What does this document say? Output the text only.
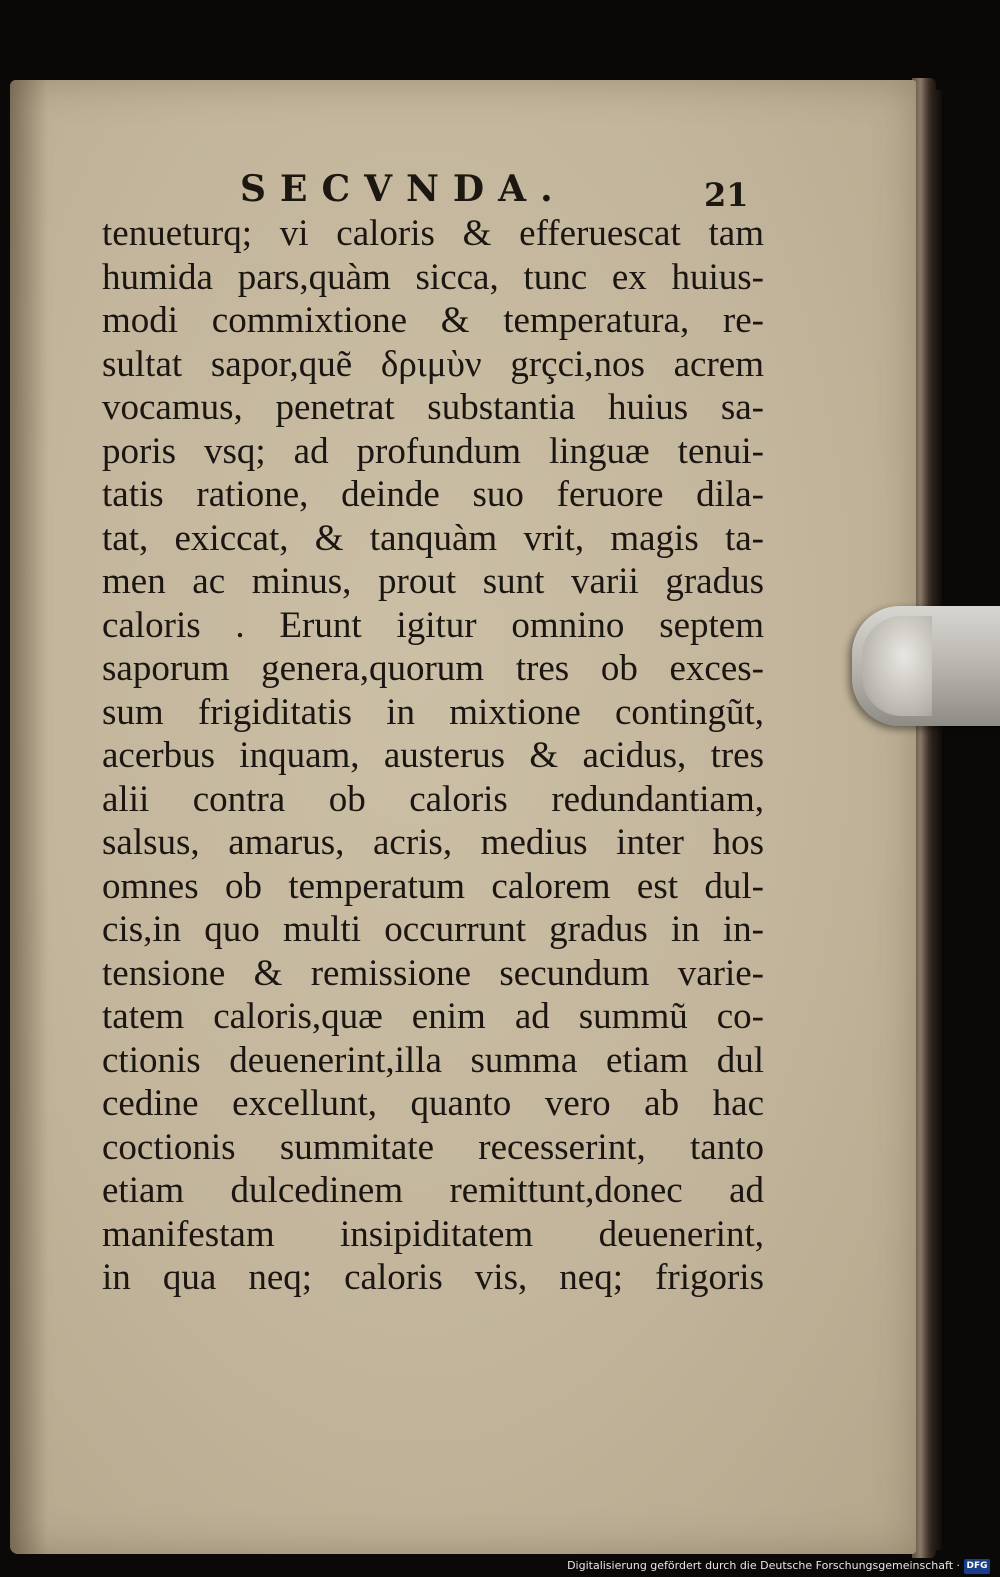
SECVNDA.	21
tenueturq; vi caloris & efferuescat tam
humida pars,quàm sicca, tunc ex huius-
modi commixtione & temperatura, re-
sultat sapor,quẽ δριμὺν grçci,nos acrem
vocamus, penetrat substantia huius sa-
poris vsq; ad profundum linguæ tenui-
tatis ratione, deinde suo feruore dila-
tat, exiccat, & tanquàm vrit, magis ta-
men ac minus, prout sunt varii gradus
caloris . Erunt igitur omnino septem
saporum genera,quorum tres ob exces-
sum frigiditatis in mixtione contingũt,
acerbus inquam, austerus & acidus, tres
alii contra ob caloris redundantiam,
salsus, amarus, acris, medius inter hos
omnes ob temperatum calorem est dul-
cis,in quo multi occurrunt gradus in in-
tensione & remissione secundum varie-
tatem caloris,quæ enim ad summũ co-
ctionis deuenerint,illa summa etiam dul
cedine excellunt, quanto vero ab hac
coctionis summitate recesserint, tanto
etiam dulcedinem remittunt,donec ad
manifestam insipiditatem deuenerint,
in qua neq; caloris vis, neq; frigoris
Digitalisierung gefördert durch die Deutsche Forschungsgemeinschaft · DFG
